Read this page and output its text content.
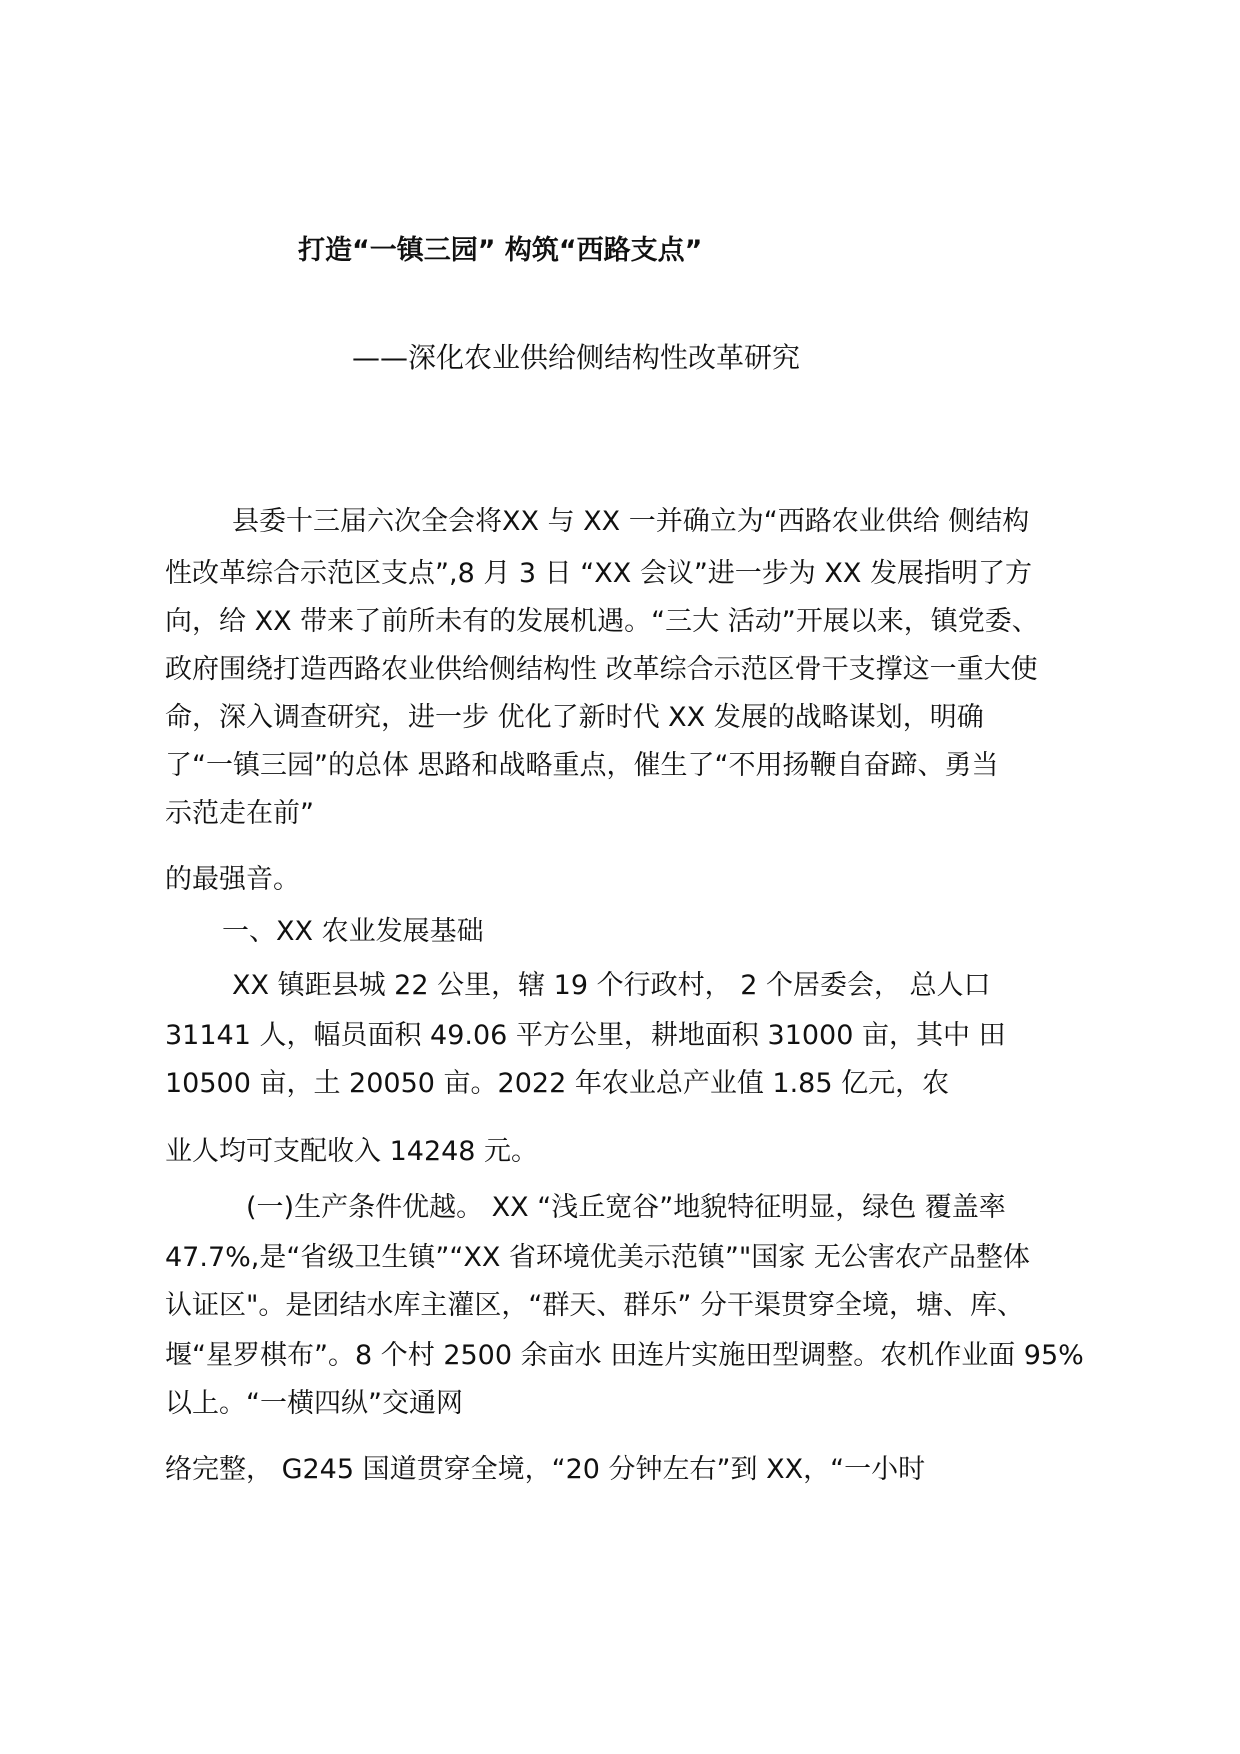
打造“一镇三园” 构筑“西路支点”
——深化农业供给侧结构性改革研究
县委十三届六次全会将XX 与 XX 一并确立为“西路农业供给 侧结构
性改革综合示范区支点”,8 月 3 日 “XX 会议”进一步为 XX 发展指明了方
向，给 XX 带来了前所未有的发展机遇。“三大 活动”开展以来，镇党委、
政府围绕打造西路农业供给侧结构性 改革综合示范区骨干支撑这一重大使
命，深入调查研究，进一步 优化了新时代 XX 发展的战略谋划，明确
了“一镇三园”的总体 思路和战略重点，催生了“不用扬鞭自奋蹄、勇当
示范走在前”
的最强音。
一、XX 农业发展基础
XX 镇距县城 22 公里，辖 19 个行政村， 2 个居委会， 总人口
31141 人，幅员面积 49.06 平方公里，耕地面积 31000 亩，其中 田
10500 亩，土 20050 亩。2022 年农业总产业值 1.85 亿元，农
业人均可支配收入 14248 元。
(一)生产条件优越。 XX “浅丘宽谷”地貌特征明显，绿色 覆盖率
47.7%,是“省级卫生镇”“XX 省环境优美示范镇”"国家 无公害农产品整体
认证区"。是团结水库主灌区，“群天、群乐” 分干渠贯穿全境，塘、库、
堰“星罗棋布”。8 个村 2500 余亩水 田连片实施田型调整。农机作业面 95%
以上。“一横四纵”交通网
络完整， G245 国道贯穿全境，“20 分钟左右”到 XX，“一小时
